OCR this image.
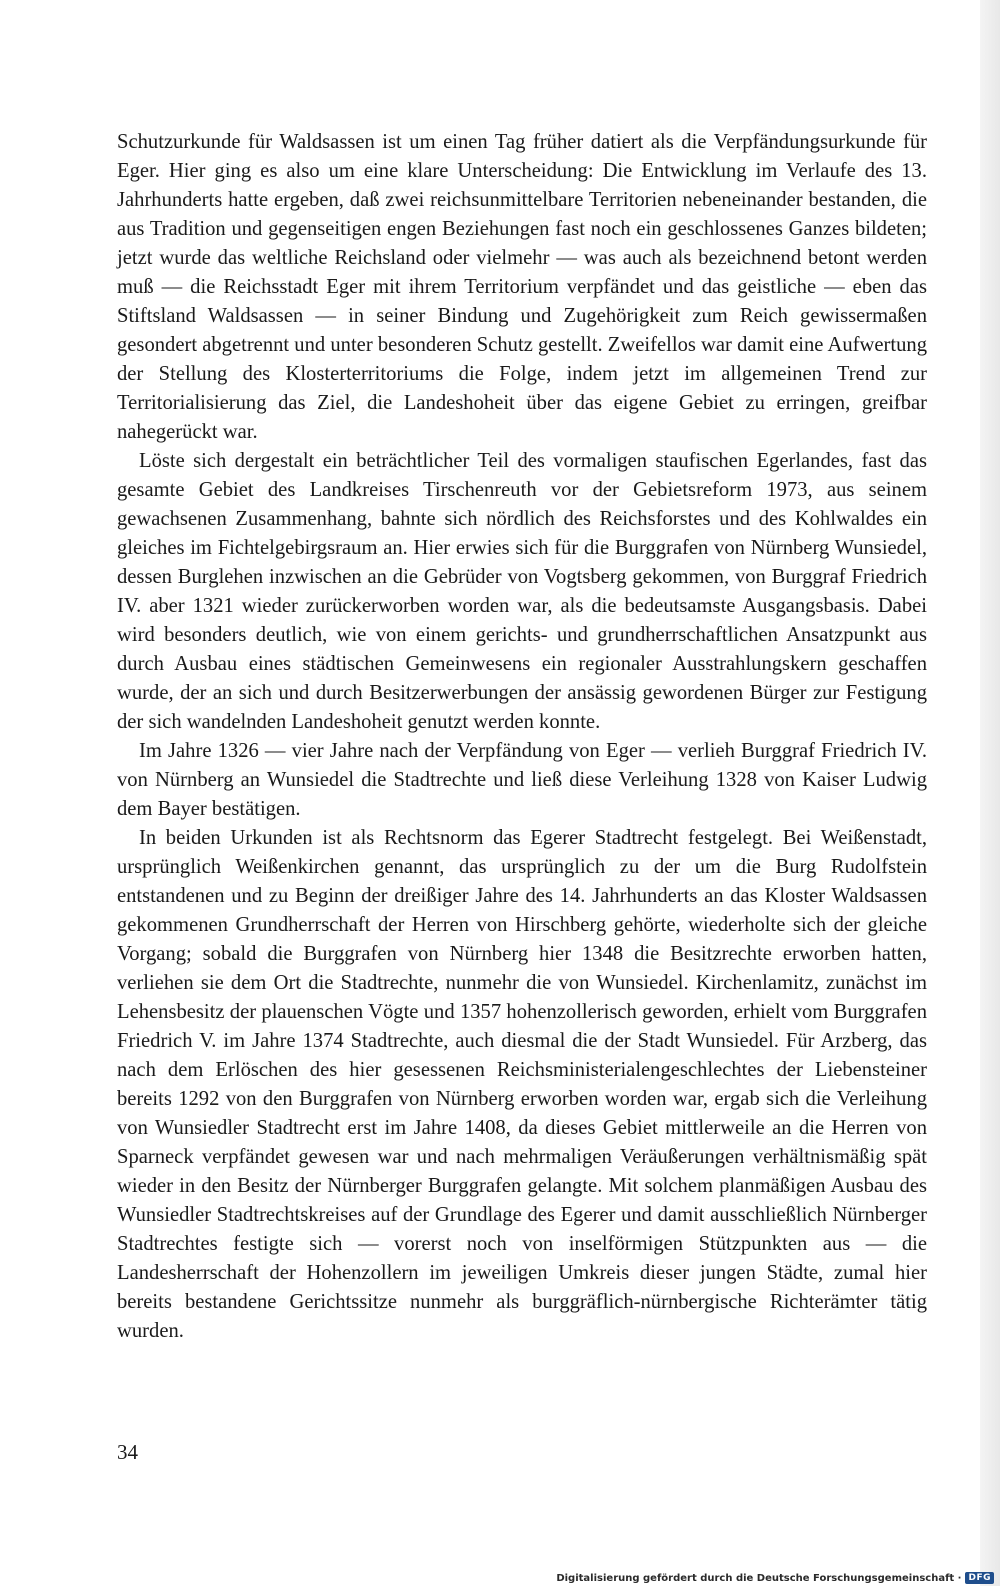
Schutzurkunde für Waldsassen ist um einen Tag früher datiert als die Verpfändungsurkunde für Eger. Hier ging es also um eine klare Unterscheidung: Die Entwicklung im Verlaufe des 13. Jahrhunderts hatte ergeben, daß zwei reichsunmittelbare Territorien nebeneinander bestanden, die aus Tradition und gegenseitigen engen Beziehungen fast noch ein geschlossenes Ganzes bildeten; jetzt wurde das weltliche Reichsland oder vielmehr — was auch als bezeichnend betont werden muß — die Reichsstadt Eger mit ihrem Territorium verpfändet und das geistliche — eben das Stiftsland Waldsassen — in seiner Bindung und Zugehörigkeit zum Reich gewissermaßen gesondert abgetrennt und unter besonderen Schutz gestellt. Zweifellos war damit eine Aufwertung der Stellung des Klosterterritoriums die Folge, indem jetzt im allgemeinen Trend zur Territorialisierung das Ziel, die Landeshoheit über das eigene Gebiet zu erringen, greifbar nahegerückt war.

Löste sich dergestalt ein beträchtlicher Teil des vormaligen staufischen Egerlandes, fast das gesamte Gebiet des Landkreises Tirschenreuth vor der Gebietsreform 1973, aus seinem gewachsenen Zusammenhang, bahnte sich nördlich des Reichsforstes und des Kohlwaldes ein gleiches im Fichtelgebirgsraum an. Hier erwies sich für die Burggrafen von Nürnberg Wunsiedel, dessen Burglehen inzwischen an die Gebrüder von Vogtsberg gekommen, von Burggraf Friedrich IV. aber 1321 wieder zurückerworben worden war, als die bedeutsamste Ausgangsbasis. Dabei wird besonders deutlich, wie von einem gerichts- und grundherrschaftlichen Ansatzpunkt aus durch Ausbau eines städtischen Gemeinwesens ein regionaler Ausstrahlungskern geschaffen wurde, der an sich und durch Besitzerwerbungen der ansässig gewordenen Bürger zur Festigung der sich wandelnden Landeshoheit genutzt werden konnte.

Im Jahre 1326 — vier Jahre nach der Verpfändung von Eger — verlieh Burggraf Friedrich IV. von Nürnberg an Wunsiedel die Stadtrechte und ließ diese Verleihung 1328 von Kaiser Ludwig dem Bayer bestätigen.

In beiden Urkunden ist als Rechtsnorm das Egerer Stadtrecht festgelegt. Bei Weißenstadt, ursprünglich Weißenkirchen genannt, das ursprünglich zu der um die Burg Rudolfstein entstandenen und zu Beginn der dreißiger Jahre des 14. Jahrhunderts an das Kloster Waldsassen gekommenen Grundherrschaft der Herren von Hirschberg gehörte, wiederholte sich der gleiche Vorgang; sobald die Burggrafen von Nürnberg hier 1348 die Besitzrechte erworben hatten, verliehen sie dem Ort die Stadtrechte, nunmehr die von Wunsiedel. Kirchenlamitz, zunächst im Lehensbesitz der plauenschen Vögte und 1357 hohenzollerisch geworden, erhielt vom Burggrafen Friedrich V. im Jahre 1374 Stadtrechte, auch diesmal die der Stadt Wunsiedel. Für Arzberg, das nach dem Erlöschen des hier gesessenen Reichsministerialengeschlechtes der Liebensteiner bereits 1292 von den Burggrafen von Nürnberg erworben worden war, ergab sich die Verleihung von Wunsiedler Stadtrecht erst im Jahre 1408, da dieses Gebiet mittlerweile an die Herren von Sparneck verpfändet gewesen war und nach mehrmaligen Veräußerungen verhältnismäßig spät wieder in den Besitz der Nürnberger Burggrafen gelangte. Mit solchem planmäßigen Ausbau des Wunsiedler Stadtrechtskreises auf der Grundlage des Egerer und damit ausschließlich Nürnberger Stadtrechtes festigte sich — vorerst noch von inselförmigen Stützpunkten aus — die Landesherrschaft der Hohenzollern im jeweiligen Umkreis dieser jungen Städte, zumal hier bereits bestandene Gerichtssitze nunmehr als burggräflich-nürnbergische Richterämter tätig wurden.

34
Digitalisierung gefördert durch die Deutsche Forschungsgemeinschaft · DFG
